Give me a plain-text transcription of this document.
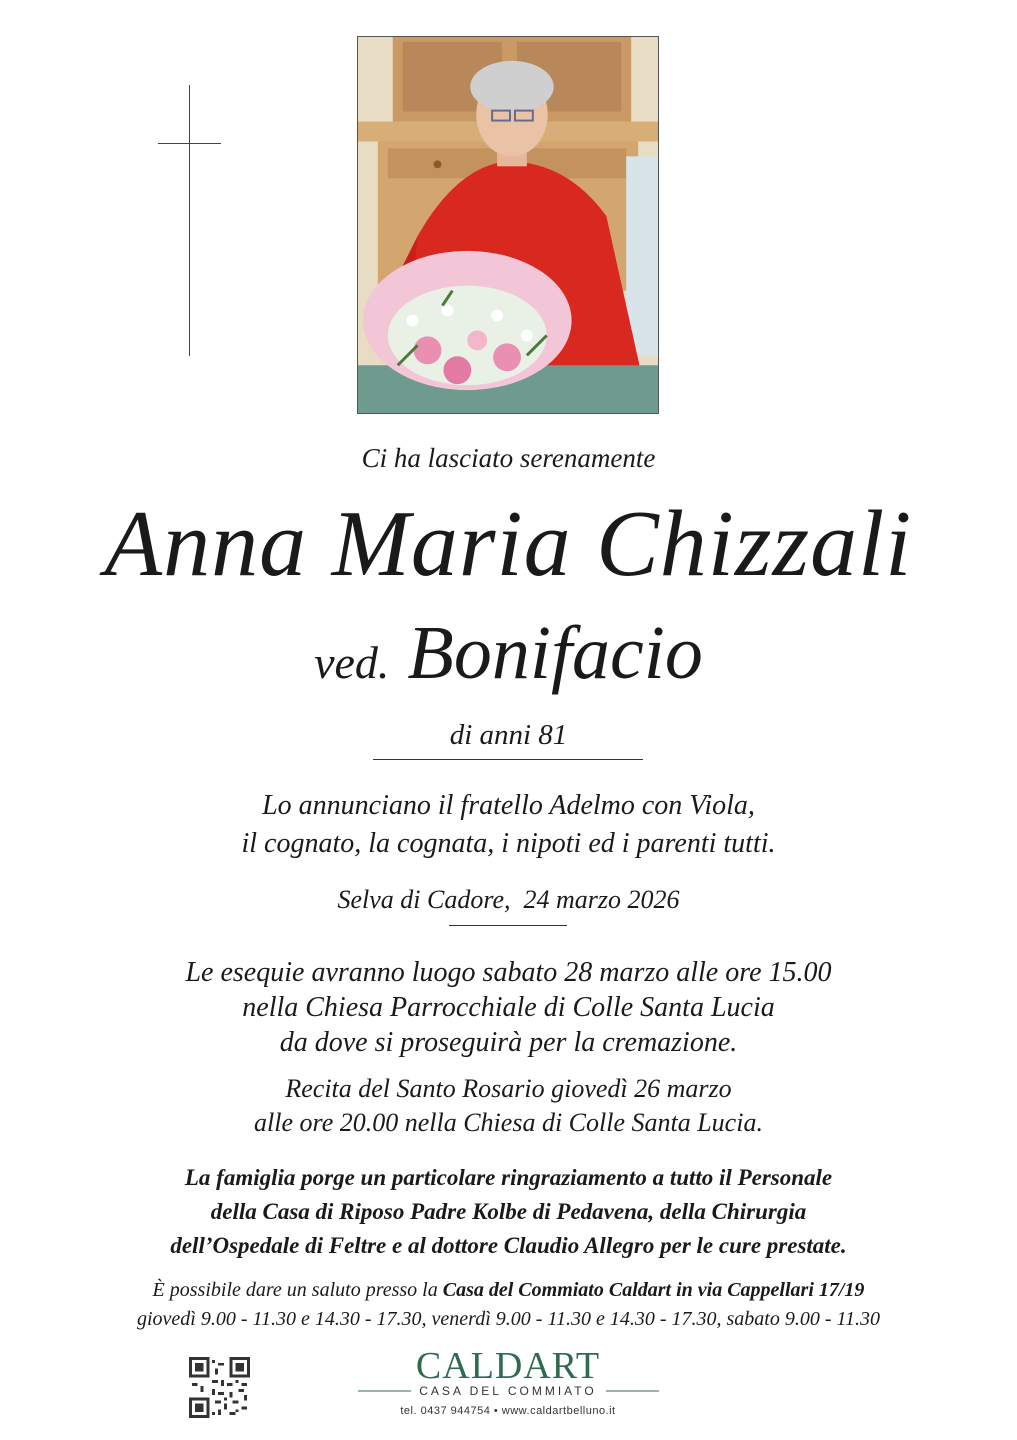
Ci ha lasciato serenamente
Anna Maria Chizzali
ved. Bonifacio
di anni 81
Lo annunciano il fratello Adelmo con Viola,
il cognato, la cognata, i nipoti ed i parenti tutti.
Selva di Cadore,  24 marzo 2026
Le esequie avranno luogo sabato 28 marzo alle ore 15.00
nella Chiesa Parrocchiale di Colle Santa Lucia
da dove si proseguirà per la cremazione.
Recita del Santo Rosario giovedì 26 marzo
alle ore 20.00 nella Chiesa di Colle Santa Lucia.
La famiglia porge un particolare ringraziamento a tutto il Personale
della Casa di Riposo Padre Kolbe di Pedavena, della Chirurgia
dell’Ospedale di Feltre e al dottore Claudio Allegro per le cure prestate.
È possibile dare un saluto presso la Casa del Commiato Caldart in via Cappellari 17/19
giovedì 9.00 - 11.30 e 14.30 - 17.30, venerdì 9.00 - 11.30 e 14.30 - 17.30, sabato 9.00 - 11.30
CALDART
CASA DEL COMMIATO
tel. 0437 944754 • www.caldartbelluno.it
